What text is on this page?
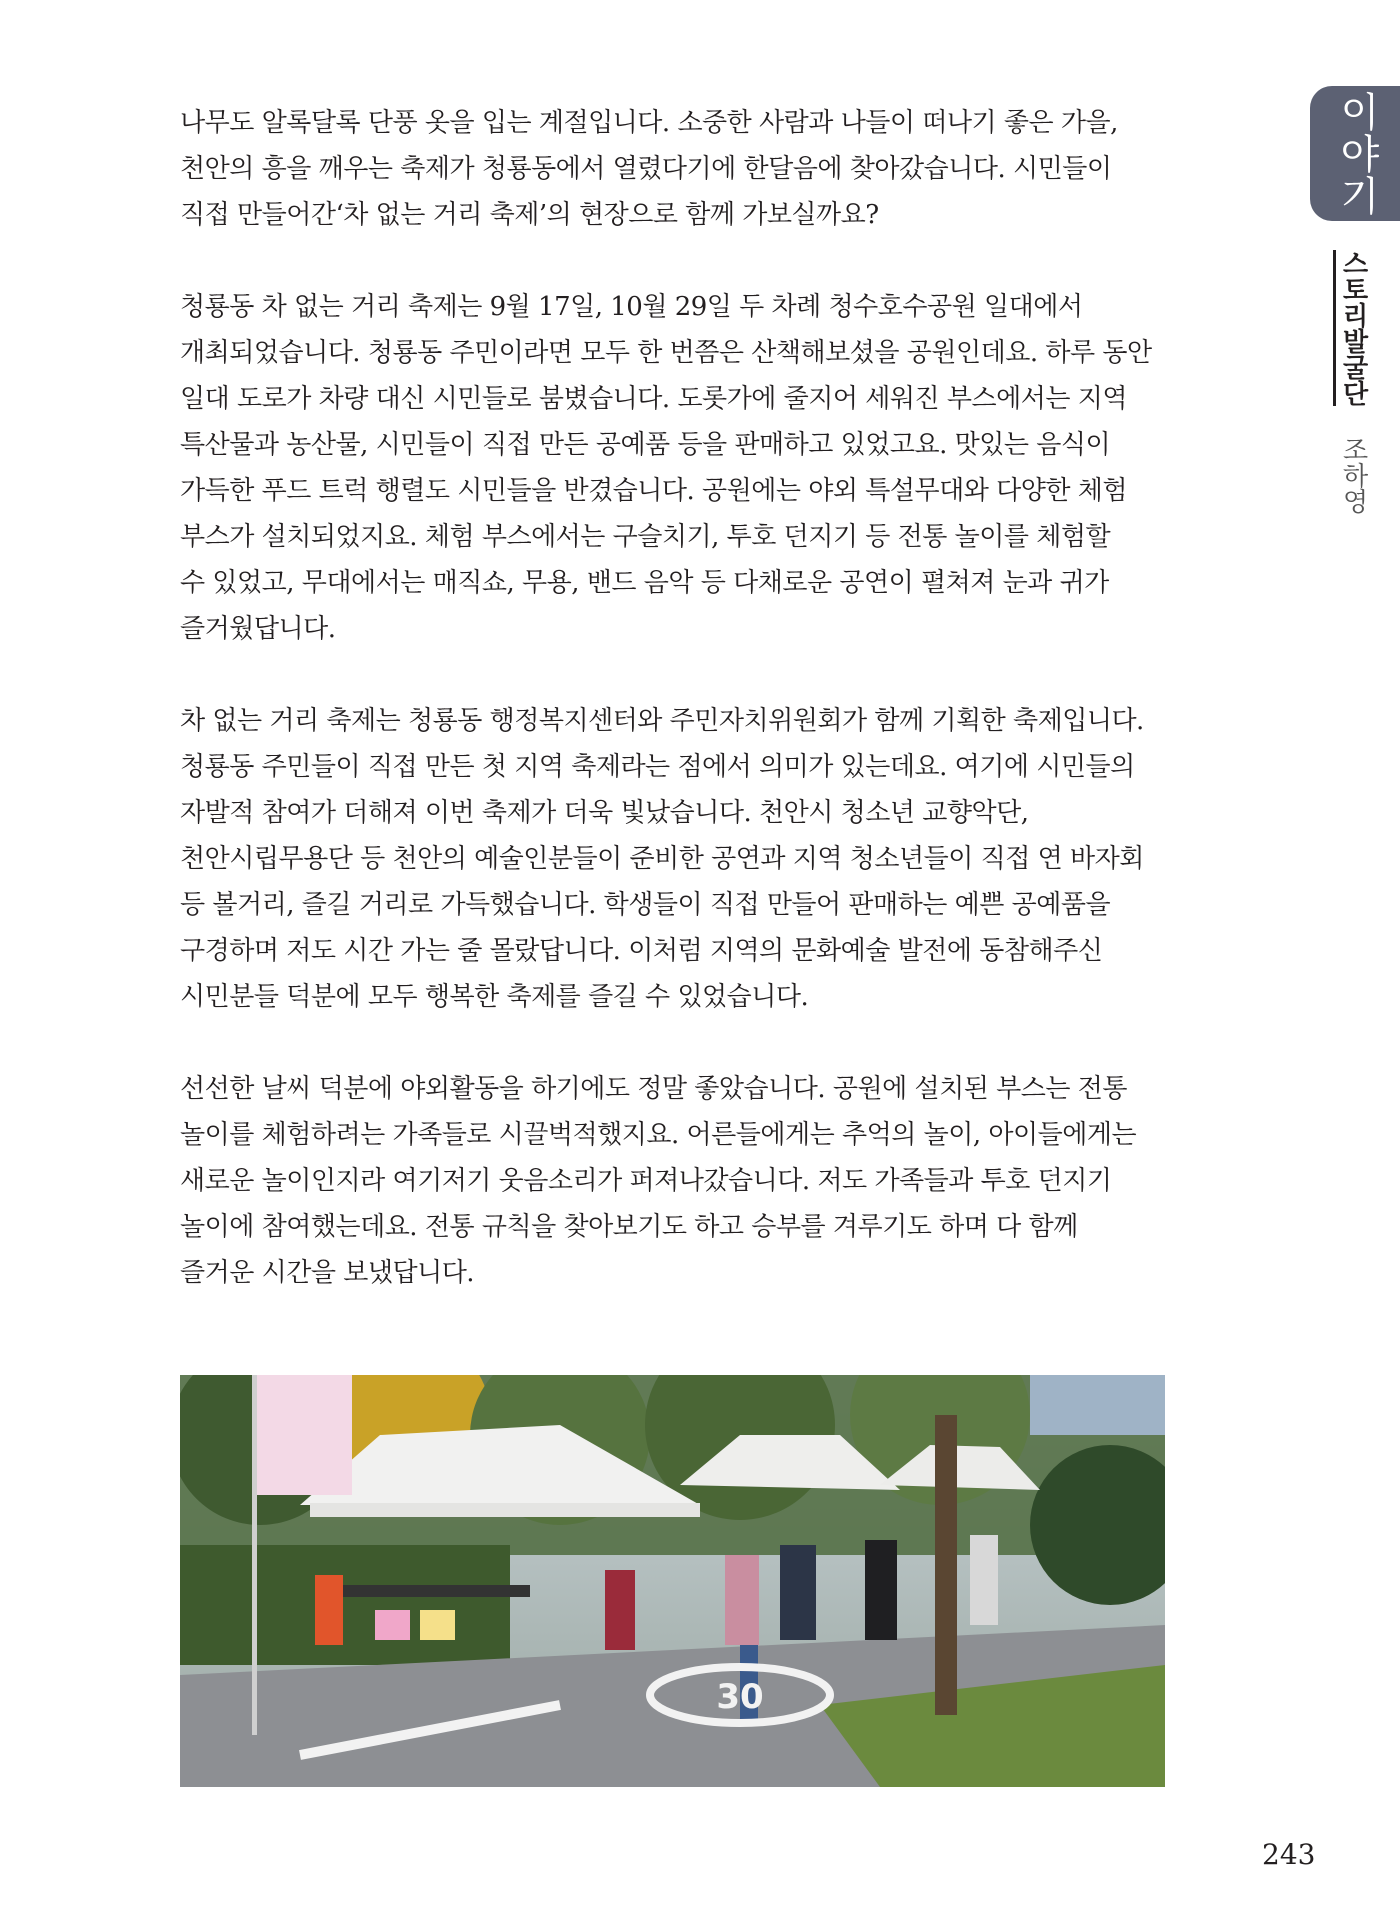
이야기
스토리발굴단 조하영

나무도 알록달록 단풍 옷을 입는 계절입니다. 소중한 사람과 나들이 떠나기 좋은 가을,
천안의 흥을 깨우는 축제가 청룡동에서 열렸다기에 한달음에 찾아갔습니다. 시민들이
직접 만들어간‘차 없는 거리 축제’의 현장으로 함께 가보실까요?

청룡동 차 없는 거리 축제는 9월 17일, 10월 29일 두 차례 청수호수공원 일대에서
개최되었습니다. 청룡동 주민이라면 모두 한 번쯤은 산책해보셨을 공원인데요. 하루 동안
일대 도로가 차량 대신 시민들로 붐볐습니다. 도롯가에 줄지어 세워진 부스에서는 지역
특산물과 농산물, 시민들이 직접 만든 공예품 등을 판매하고 있었고요. 맛있는 음식이
가득한 푸드 트럭 행렬도 시민들을 반겼습니다. 공원에는 야외 특설무대와 다양한 체험
부스가 설치되었지요. 체험 부스에서는 구슬치기, 투호 던지기 등 전통 놀이를 체험할
수 있었고, 무대에서는 매직쇼, 무용, 밴드 음악 등 다채로운 공연이 펼쳐져 눈과 귀가
즐거웠답니다.

차 없는 거리 축제는 청룡동 행정복지센터와 주민자치위원회가 함께 기획한 축제입니다.
청룡동 주민들이 직접 만든 첫 지역 축제라는 점에서 의미가 있는데요. 여기에 시민들의
자발적 참여가 더해져 이번 축제가 더욱 빛났습니다. 천안시 청소년 교향악단,
천안시립무용단 등 천안의 예술인분들이 준비한 공연과 지역 청소년들이 직접 연 바자회
등 볼거리, 즐길 거리로 가득했습니다. 학생들이 직접 만들어 판매하는 예쁜 공예품을
구경하며 저도 시간 가는 줄 몰랐답니다. 이처럼 지역의 문화예술 발전에 동참해주신
시민분들 덕분에 모두 행복한 축제를 즐길 수 있었습니다.

선선한 날씨 덕분에 야외활동을 하기에도 정말 좋았습니다. 공원에 설치된 부스는 전통
놀이를 체험하려는 가족들로 시끌벅적했지요. 어른들에게는 추억의 놀이, 아이들에게는
새로운 놀이인지라 여기저기 웃음소리가 퍼져나갔습니다. 저도 가족들과 투호 던지기
놀이에 참여했는데요. 전통 규칙을 찾아보기도 하고 승부를 겨루기도 하며 다 함께
즐거운 시간을 보냈답니다.

30
243
